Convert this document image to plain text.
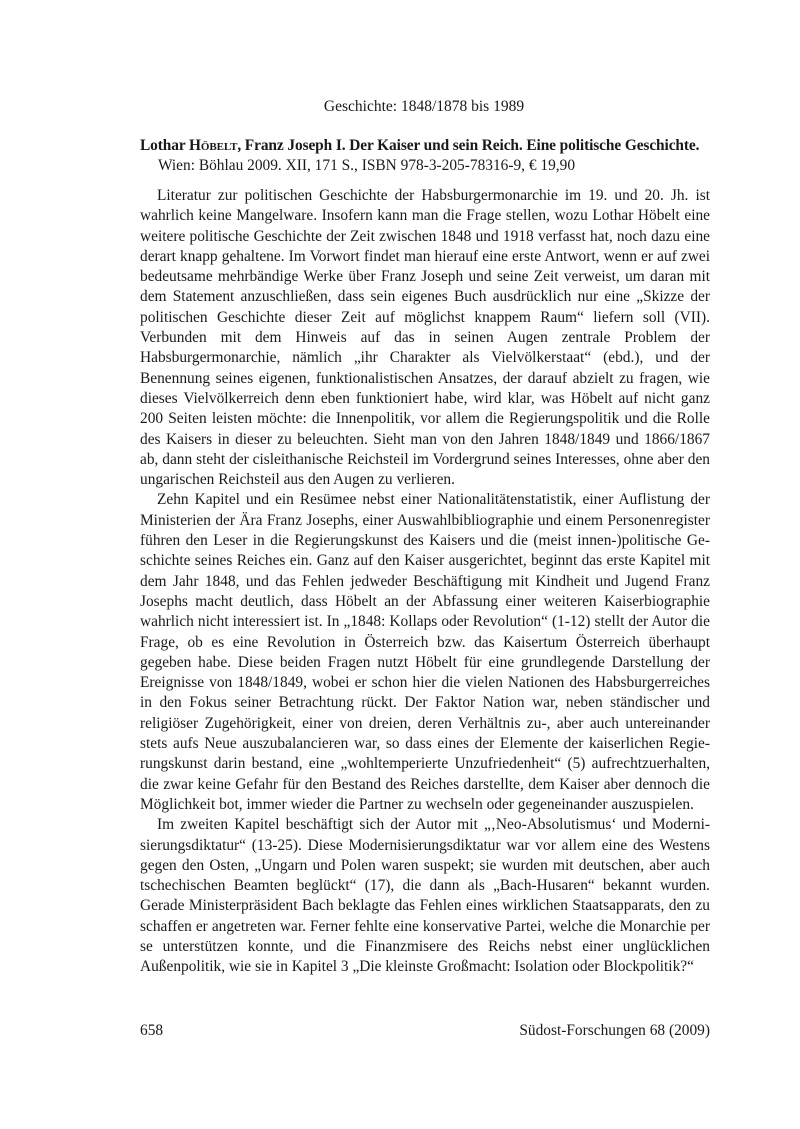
Geschichte: 1848/1878 bis 1989
Lothar Höbelt, Franz Joseph I. Der Kaiser und sein Reich. Eine politische Geschichte.
Wien: Böhlau 2009. XII, 171 S., ISBN 978-3-205-78316-9, € 19,90

Literatur zur politischen Geschichte der Habsburgermonarchie im 19. und 20. Jh. ist wahrlich keine Mangelware. Insofern kann man die Frage stellen, wozu Lothar Höbelt eine weitere politische Geschichte der Zeit zwischen 1848 und 1918 verfasst hat, noch dazu eine derart knapp gehaltene. Im Vorwort findet man hierauf eine erste Antwort, wenn er auf zwei bedeutsame mehrbändige Werke über Franz Joseph und seine Zeit verweist, um daran mit dem Statement anzuschließen, dass sein eigenes Buch ausdrücklich nur eine „Skizze der politischen Geschichte dieser Zeit auf möglichst knappem Raum“ liefern soll (VII). Verbunden mit dem Hinweis auf das in seinen Augen zentrale Problem der Habsburgermonarchie, nämlich „ihr Charakter als Vielvölkerstaat“ (ebd.), und der Benennung seines eigenen, funktionalistischen Ansatzes, der darauf abzielt zu fragen, wie dieses Vielvölkerreich denn eben funktioniert habe, wird klar, was Höbelt auf nicht ganz 200 Seiten leisten möchte: die Innenpolitik, vor allem die Regierungspolitik und die Rolle des Kaisers in dieser zu beleuchten. Sieht man von den Jahren 1848/1849 und 1866/1867 ab, dann steht der cisleithanische Reichsteil im Vordergrund seines Interesses, ohne aber den ungarischen Reichsteil aus den Augen zu verlieren.

Zehn Kapitel und ein Resümee nebst einer Nationalitätenstatistik, einer Auflistung der Ministerien der Ära Franz Josephs, einer Auswahlbibliographie und einem Personenregister führen den Leser in die Regierungskunst des Kaisers und die (meist innen-)politische Geschichte seines Reiches ein. Ganz auf den Kaiser ausgerichtet, beginnt das erste Kapitel mit dem Jahr 1848, und das Fehlen jedweder Beschäftigung mit Kindheit und Jugend Franz Josephs macht deutlich, dass Höbelt an der Abfassung einer weiteren Kaiserbiographie wahrlich nicht interessiert ist. In „1848: Kollaps oder Revolution“ (1-12) stellt der Autor die Frage, ob es eine Revolution in Österreich bzw. das Kaisertum Österreich überhaupt gegeben habe. Diese beiden Fragen nutzt Höbelt für eine grundlegende Darstellung der Ereignisse von 1848/1849, wobei er schon hier die vielen Nationen des Habsburgerreiches in den Fokus seiner Betrachtung rückt. Der Faktor Nation war, neben ständischer und religiöser Zugehörigkeit, einer von dreien, deren Verhältnis zu-, aber auch untereinander stets aufs Neue auszubalancieren war, so dass eines der Elemente der kaiserlichen Regierungskunst darin bestand, eine „wohltemperierte Unzufriedenheit“ (5) aufrechtzuerhalten, die zwar keine Gefahr für den Bestand des Reiches darstellte, dem Kaiser aber dennoch die Möglichkeit bot, immer wieder die Partner zu wechseln oder gegeneinander auszuspielen.

Im zweiten Kapitel beschäftigt sich der Autor mit „‚Neo-Absolutismus‘ und Modernisierungsdiktatur“ (13-25). Diese Modernisierungsdiktatur war vor allem eine des Westens gegen den Osten, „Ungarn und Polen waren suspekt; sie wurden mit deutschen, aber auch tschechischen Beamten beglückt“ (17), die dann als „Bach-Husaren“ bekannt wurden. Gerade Ministerpräsident Bach beklagte das Fehlen eines wirklichen Staatsapparats, den zu schaffen er angetreten war. Ferner fehlte eine konservative Partei, welche die Monarchie per se unterstützen konnte, und die Finanzmisere des Reichs nebst einer unglücklichen Außenpolitik, wie sie in Kapitel 3 „Die kleinste Großmacht: Isolation oder Blockpolitik?“

658	Südost-Forschungen 68 (2009)
